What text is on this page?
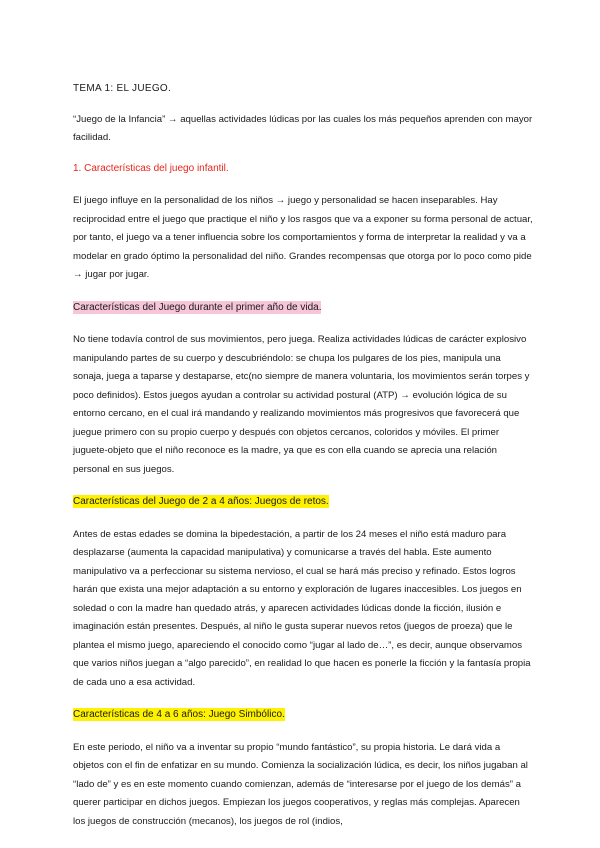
TEMA 1: EL JUEGO.

“Juego de la Infancia” → aquellas actividades lúdicas por las cuales los más pequeños aprenden con mayor facilidad.

1. Características del juego infantil.

El juego influye en la personalidad de los niños → juego y personalidad se hacen inseparables. Hay reciprocidad entre el juego que practique el niño y los rasgos que va a exponer su forma personal de actuar, por tanto, el juego va a tener influencia sobre los comportamientos y forma de interpretar la realidad y va a modelar en grado óptimo la personalidad del niño. Grandes recompensas que otorga por lo poco como pide → jugar por jugar.

Características del Juego durante el primer año de vida.

No tiene todavía control de sus movimientos, pero juega. Realiza actividades lúdicas de carácter explosivo manipulando partes de su cuerpo y descubriéndolo: se chupa los pulgares de los pies, manipula una sonaja, juega a taparse y destaparse, etc(no siempre de manera voluntaria, los movimientos serán torpes y poco definidos). Estos juegos ayudan a controlar su actividad postural (ATP) → evolución lógica de su entorno cercano, en el cual irá mandando y realizando movimientos más progresivos que favorecerá que juegue primero con su propio cuerpo y después con objetos cercanos, coloridos y móviles. El primer juguete-objeto que el niño reconoce es la madre, ya que es con ella cuando se aprecia una relación personal en sus juegos.

Características del Juego de 2 a 4 años: Juegos de retos.

Antes de estas edades se domina la bipedestación, a partir de los 24 meses el niño está maduro para desplazarse (aumenta la capacidad manipulativa) y comunicarse a través del habla. Este aumento manipulativo va a perfeccionar su sistema nervioso, el cual se hará más preciso y refinado. Estos logros harán que exista una mejor adaptación a su entorno y exploración de lugares inaccesibles. Los juegos en soledad o con la madre han quedado atrás, y aparecen actividades lúdicas donde la ficción, ilusión e imaginación están presentes. Después, al niño le gusta superar nuevos retos (juegos de proeza) que le plantea el mismo juego, apareciendo el conocido como “jugar al lado de…”, es decir, aunque observamos que varios niños juegan a “algo parecido”, en realidad lo que hacen es ponerle la ficción y la fantasía propia de cada uno a esa actividad.

Características de 4 a 6 años: Juego Simbólico.

En este periodo, el niño va a inventar su propio “mundo fantástico”, su propia historia. Le dará vida a objetos con el fin de enfatizar en su mundo. Comienza la socialización lúdica, es decir, los niños jugaban al “lado de” y es en este momento cuando comienzan, además de “interesarse por el juego de los demás” a querer participar en dichos juegos. Empiezan los juegos cooperativos, y reglas más complejas. Aparecen los juegos de construcción (mecanos), los juegos de rol (indios,
